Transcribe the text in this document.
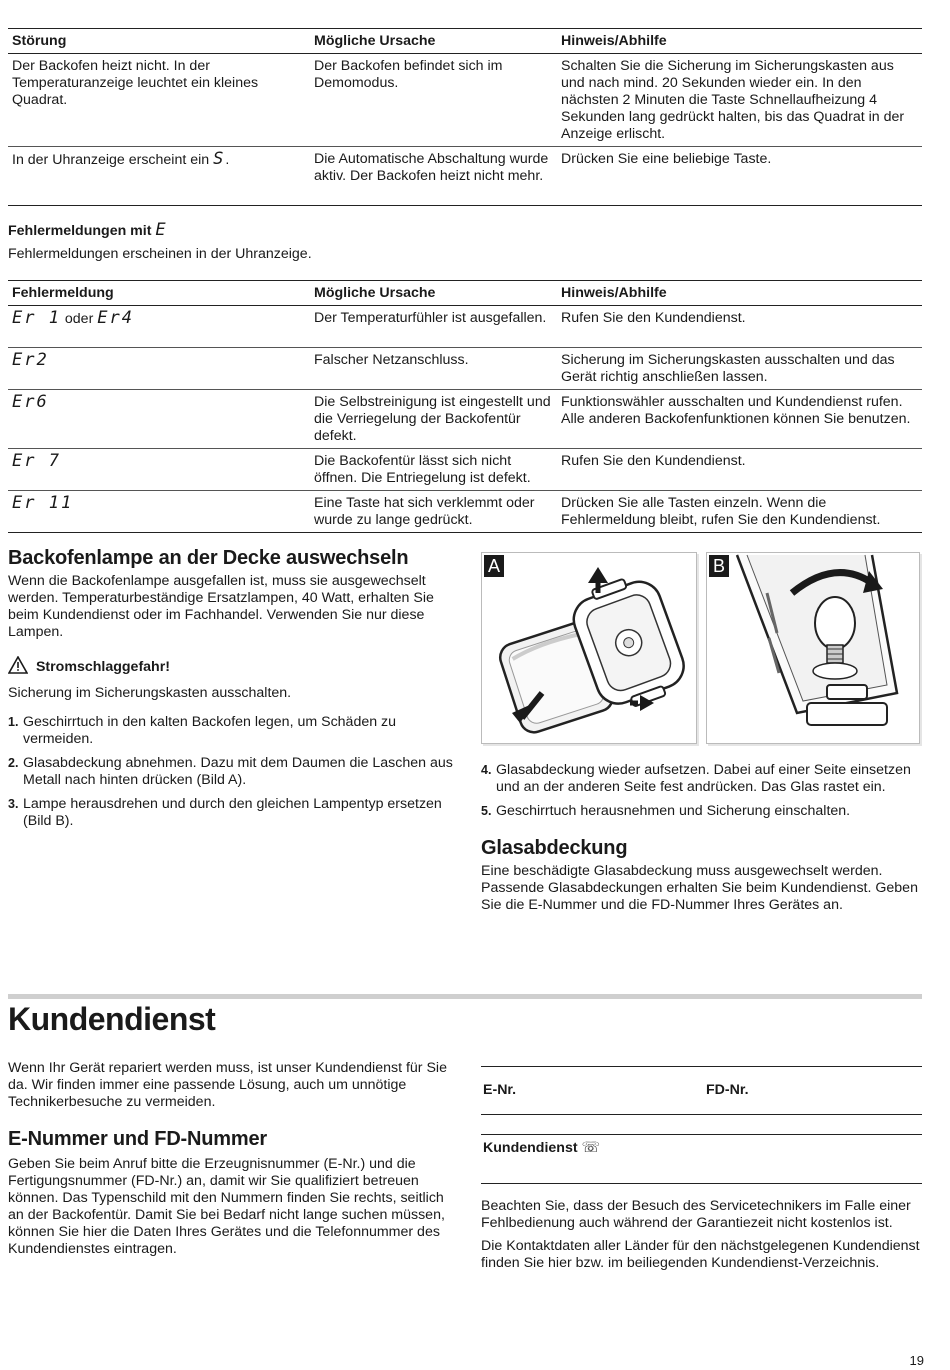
Störung	Mögliche Ursache	Hinweis/Abhilfe
Der Backofen heizt nicht. In der Temperaturanzeige leuchtet ein kleines Quadrat.	Der Backofen befindet sich im Demomodus.	Schalten Sie die Sicherung im Sicherungskasten aus und nach mind. 20 Sekunden wieder ein. In den nächsten 2 Minuten die Taste Schnellaufheizung 4 Sekunden lang gedrückt halten, bis das Quadrat in der Anzeige erlischt.
In der Uhranzeige erscheint ein S.	Die Automatische Abschaltung wurde aktiv. Der Backofen heizt nicht mehr.	Drücken Sie eine beliebige Taste.
Fehlermeldungen mit E

Fehlermeldungen erscheinen in der Uhranzeige.

Fehlermeldung	Mögliche Ursache	Hinweis/Abhilfe
Er 1 oder Er4	Der Temperaturfühler ist ausgefallen.	Rufen Sie den Kundendienst.
Er2	Falscher Netzanschluss.	Sicherung im Sicherungskasten ausschalten und das Gerät richtig anschließen lassen.
Er6	Die Selbstreinigung ist eingestellt und die Verriegelung der Backofentür defekt.	Funktionswähler ausschalten und Kundendienst rufen. Alle anderen Backofenfunktionen können Sie benutzen.
Er 7	Die Backofentür lässt sich nicht öffnen. Die Entriegelung ist defekt.	Rufen Sie den Kundendienst.
Er 11	Eine Taste hat sich verklemmt oder wurde zu lange gedrückt.	Drücken Sie alle Tasten einzeln. Wenn die Fehlermeldung bleibt, rufen Sie den Kundendienst.
Backofenlampe an der Decke auswechseln

Wenn die Backofenlampe ausgefallen ist, muss sie ausgewechselt werden. Temperaturbeständige Ersatzlampen, 40 Watt, erhalten Sie beim Kundendienst oder im Fachhandel. Verwenden Sie nur diese Lampen.

Stromschlaggefahr!

Sicherung im Sicherungskasten ausschalten.

1. Geschirrtuch in den kalten Backofen legen, um Schäden zu vermeiden.
2. Glasabdeckung abnehmen. Dazu mit dem Daumen die Laschen aus Metall nach hinten drücken (Bild A).
3. Lampe herausdrehen und durch den gleichen Lampentyp ersetzen (Bild B).
A	B
4. Glasabdeckung wieder aufsetzen. Dabei auf einer Seite einsetzen und an der anderen Seite fest andrücken. Das Glas rastet ein.
5. Geschirrtuch herausnehmen und Sicherung einschalten.
Glasabdeckung

Eine beschädigte Glasabdeckung muss ausgewechselt werden. Passende Glasabdeckungen erhalten Sie beim Kundendienst. Geben Sie die E-Nummer und die FD-Nummer Ihres Gerätes an.

Kundendienst

Wenn Ihr Gerät repariert werden muss, ist unser Kundendienst für Sie da. Wir finden immer eine passende Lösung, auch um unnötige Technikerbesuche zu vermeiden.

E-Nummer und FD-Nummer

Geben Sie beim Anruf bitte die Erzeugnisnummer (E-Nr.) und die Fertigungsnummer (FD-Nr.) an, damit wir Sie qualifiziert betreuen können. Das Typenschild mit den Nummern finden Sie rechts, seitlich an der Backofentür. Damit Sie bei Bedarf nicht lange suchen müssen, können Sie hier die Daten Ihres Gerätes und die Telefonnummer des Kundendienstes eintragen.

E-Nr.	FD-Nr.
Kundendienst ☏

Beachten Sie, dass der Besuch des Servicetechnikers im Falle einer Fehlbedienung auch während der Garantiezeit nicht kostenlos ist.

Die Kontaktdaten aller Länder für den nächstgelegenen Kundendienst finden Sie hier bzw. im beiliegenden Kundendienst-Verzeichnis.

19
